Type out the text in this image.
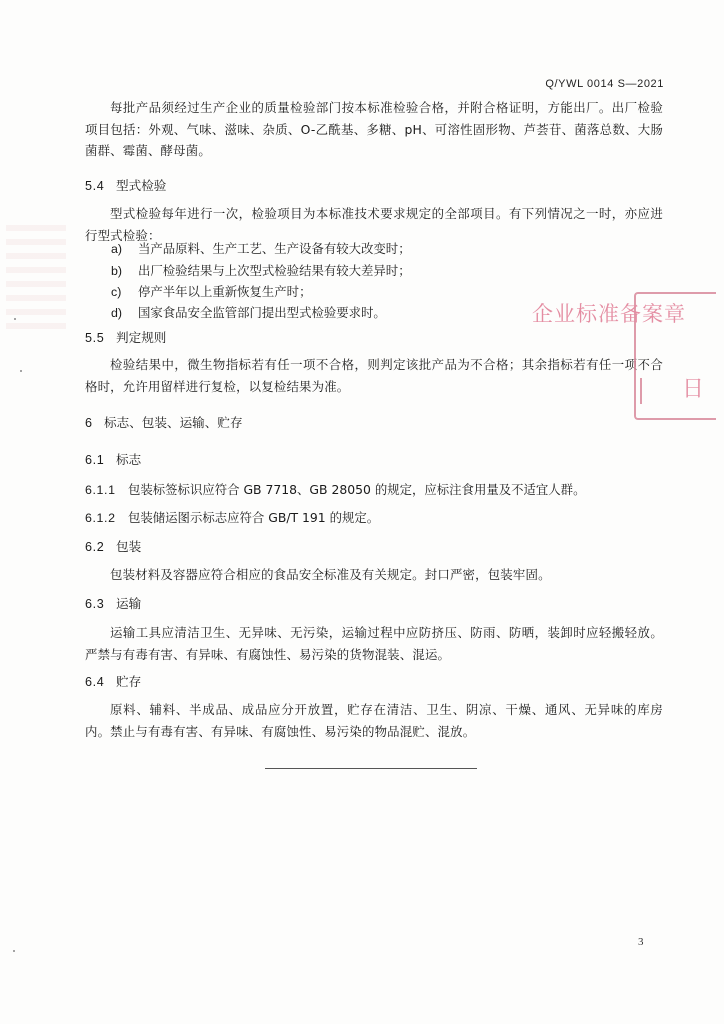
Q/YWL 0014 S—2021
每批产品须经过生产企业的质量检验部门按本标准检验合格，并附合格证明，方能出厂。出厂检验项目包括：外观、气味、滋味、杂质、O-乙酰基、多糖、pH、可溶性固形物、芦荟苷、菌落总数、大肠菌群、霉菌、酵母菌。
5.4 型式检验
型式检验每年进行一次，检验项目为本标准技术要求规定的全部项目。有下列情况之一时，亦应进行型式检验：
a) 当产品原料、生产工艺、生产设备有较大改变时；
b) 出厂检验结果与上次型式检验结果有较大差异时；
c) 停产半年以上重新恢复生产时；
d) 国家食品安全监管部门提出型式检验要求时。
5.5 判定规则
检验结果中，微生物指标若有任一项不合格，则判定该批产品为不合格；其余指标若有任一项不合格时，允许用留样进行复检，以复检结果为准。
6 标志、包装、运输、贮存
6.1 标志
6.1.1 包装标签标识应符合 GB 7718、GB 28050 的规定，应标注食用量及不适宜人群。
6.1.2 包装储运图示标志应符合 GB/T 191 的规定。
6.2 包装
包装材料及容器应符合相应的食品安全标准及有关规定。封口严密，包装牢固。
6.3 运输
运输工具应清洁卫生、无异味、无污染，运输过程中应防挤压、防雨、防晒，装卸时应轻搬轻放。严禁与有毒有害、有异味、有腐蚀性、易污染的货物混装、混运。
6.4 贮存
原料、辅料、半成品、成品应分开放置，贮存在清洁、卫生、阴凉、干燥、通风、无异味的库房内。禁止与有毒有害、有异味、有腐蚀性、易污染的物品混贮、混放。
3
企业标准备案章
日
